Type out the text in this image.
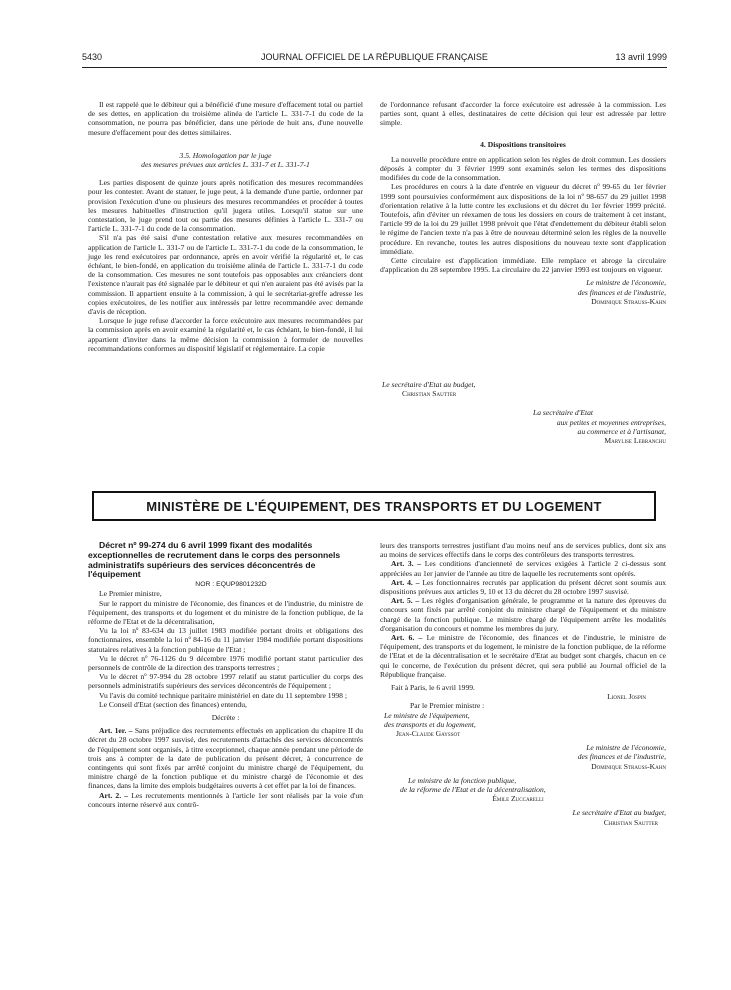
5430	JOURNAL OFFICIEL DE LA RÉPUBLIQUE FRANÇAISE	13 avril 1999

Il est rappelé que le débiteur qui a bénéficié d'une mesure d'effacement total ou partiel de ses dettes, en application du troisième alinéa de l'article L. 331-7-1 du code de la consommation, ne pourra pas bénéficier, dans une période de huit ans, d'une nouvelle mesure d'effacement pour des dettes similaires.

3.5. Homologation par le juge

des mesures prévues aux articles L. 331-7 et L. 331-7-1

Les parties disposent de quinze jours après notification des mesures recommandées pour les contester. Avant de statuer, le juge peut, à la demande d'une partie, ordonner par provision l'exécution d'une ou plusieurs des mesures recommandées et procéder à toutes les mesures habituelles d'instruction qu'il jugera utiles. Lorsqu'il statue sur une contestation, le juge prend tout ou partie des mesures définies à l'article L. 331-7 ou l'article L. 331-7-1 du code de la consommation.

S'il n'a pas été saisi d'une contestation relative aux mesures recommandées en application de l'article L. 331-7 ou de l'article L. 331-7-1 du code de la consommation, le juge les rend exécutoires par ordonnance, après en avoir vérifié la régularité et, le cas échéant, le bien-fondé, en application du troisième alinéa de l'article L. 331-7-1 du code de la consommation. Ces mesures ne sont toutefois pas opposables aux créanciers dont l'existence n'aurait pas été signalée par le débiteur et qui n'en auraient pas été avisés par la commission. Il appartient ensuite à la commission, à qui le secrétariat-greffe adresse les copies exécutoires, de les notifier aux intéressés par lettre recommandée avec demande d'avis de réception.

Lorsque le juge refuse d'accorder la force exécutoire aux mesures recommandées par la commission après en avoir examiné la régularité et, le cas échéant, le bien-fondé, il lui appartient d'inviter dans la même décision la commission à formuler de nouvelles recommandations conformes au dispositif législatif et réglementaire. La copie

de l'ordonnance refusant d'accorder la force exécutoire est adressée à la commission. Les parties sont, quant à elles, destinataires de cette décision qui leur est adressée par lettre simple.

4. Dispositions transitoires

La nouvelle procédure entre en application selon les règles de droit commun. Les dossiers déposés à compter du 3 février 1999 sont examinés selon les termes des dispositions modifiées du code de la consommation.

Les procédures en cours à la date d'entrée en vigueur du décret nº 99-65 du 1er février 1999 sont poursuivies conformément aux dispositions de la loi nº 98-657 du 29 juillet 1998 d'orientation relative à la lutte contre les exclusions et du décret du 1er février 1999 précité. Toutefois, afin d'éviter un réexamen de tous les dossiers en cours de traitement à cet instant, l'article 99 de la loi du 29 juillet 1998 prévoit que l'état d'endettement du débiteur établi selon le régime de l'ancien texte n'a pas à être de nouveau déterminé selon les règles de la nouvelle procédure. En revanche, toutes les autres dispositions du nouveau texte sont d'application immédiate.

Cette circulaire est d'application immédiate. Elle remplace et abroge la circulaire d'application du 28 septembre 1995. La circulaire du 22 janvier 1993 est toujours en vigueur.

Le ministre de l'économie,

des finances et de l'industrie,

Dominique Strauss-Kahn

Le secrétaire d'Etat au budget,

Christian Sautter

La secrétaire d'Etat

aux petites et moyennes entreprises,

au commerce et à l'artisanat,

Marylise Lebranchu

MINISTÈRE DE L'ÉQUIPEMENT, DES TRANSPORTS ET DU LOGEMENT

Décret nº 99-274 du 6 avril 1999 fixant des modalités exceptionnelles de recrutement dans le corps des personnels administratifs supérieurs des services déconcentrés de l'équipement

NOR : EQUP9801232D

Le Premier ministre,

Sur le rapport du ministre de l'économie, des finances et de l'industrie, du ministre de l'équipement, des transports et du logement et du ministre de la fonction publique, de la réforme de l'Etat et de la décentralisation,

Vu la loi nº 83-634 du 13 juillet 1983 modifiée portant droits et obligations des fonctionnaires, ensemble la loi nº 84-16 du 11 janvier 1984 modifiée portant dispositions statutaires relatives à la fonction publique de l'Etat ;

Vu le décret nº 76-1126 du 9 décembre 1976 modifié portant statut particulier des personnels de contrôle de la direction des transports terrestres ;

Vu le décret nº 97-994 du 28 octobre 1997 relatif au statut particulier du corps des personnels administratifs supérieurs des services déconcentrés de l'équipement ;

Vu l'avis du comité technique paritaire ministériel en date du 11 septembre 1998 ;

Le Conseil d'Etat (section des finances) entendu,

Décrète :

Art. 1er. – Sans préjudice des recrutements effectués en application du chapitre II du décret du 28 octobre 1997 susvisé, des recrutements d'attachés des services déconcentrés de l'équipement sont organisés, à titre exceptionnel, chaque année pendant une période de trois ans à compter de la date de publication du présent décret, à concurrence de contingents qui sont fixés par arrêté conjoint du ministre chargé de l'équipement, du ministre chargé de la fonction publique et du ministre chargé de l'économie et des finances, dans la limite des emplois budgétaires ouverts à cet effet par la loi de finances.

Art. 2. – Les recrutements mentionnés à l'article 1er sont réalisés par la voie d'un concours interne réservé aux contrô-

leurs des transports terrestres justifiant d'au moins neuf ans de services publics, dont six ans au moins de services effectifs dans le corps des contrôleurs des transports terrestres.

Art. 3. – Les conditions d'ancienneté de services exigées à l'article 2 ci-dessus sont appréciées au 1er janvier de l'année au titre de laquelle les recrutements sont opérés.

Art. 4. – Les fonctionnaires recrutés par application du présent décret sont soumis aux dispositions prévues aux articles 9, 10 et 13 du décret du 28 octobre 1997 susvisé.

Art. 5. – Les règles d'organisation générale, le programme et la nature des épreuves du concours sont fixés par arrêté conjoint du ministre chargé de l'équipement et du ministre chargé de la fonction publique. Le ministre chargé de l'équipement arrête les modalités d'organisation du concours et nomme les membres du jury.

Art. 6. – Le ministre de l'économie, des finances et de l'industrie, le ministre de l'équipement, des transports et du logement, le ministre de la fonction publique, de la réforme de l'Etat et de la décentralisation et le secrétaire d'Etat au budget sont chargés, chacun en ce qui le concerne, de l'exécution du présent décret, qui sera publié au Journal officiel de la République française.

Fait à Paris, le 6 avril 1999.

Lionel Jospin

Par le Premier ministre :

Le ministre de l'équipement,

des transports et du logement,

Jean-Claude Gayssot

Le ministre de l'économie,

des finances et de l'industrie,

Dominique Strauss-Kahn

Le ministre de la fonction publique,

de la réforme de l'Etat et de la décentralisation,

Émile Zuccarelli

Le secrétaire d'Etat au budget,

Christian Sautter
